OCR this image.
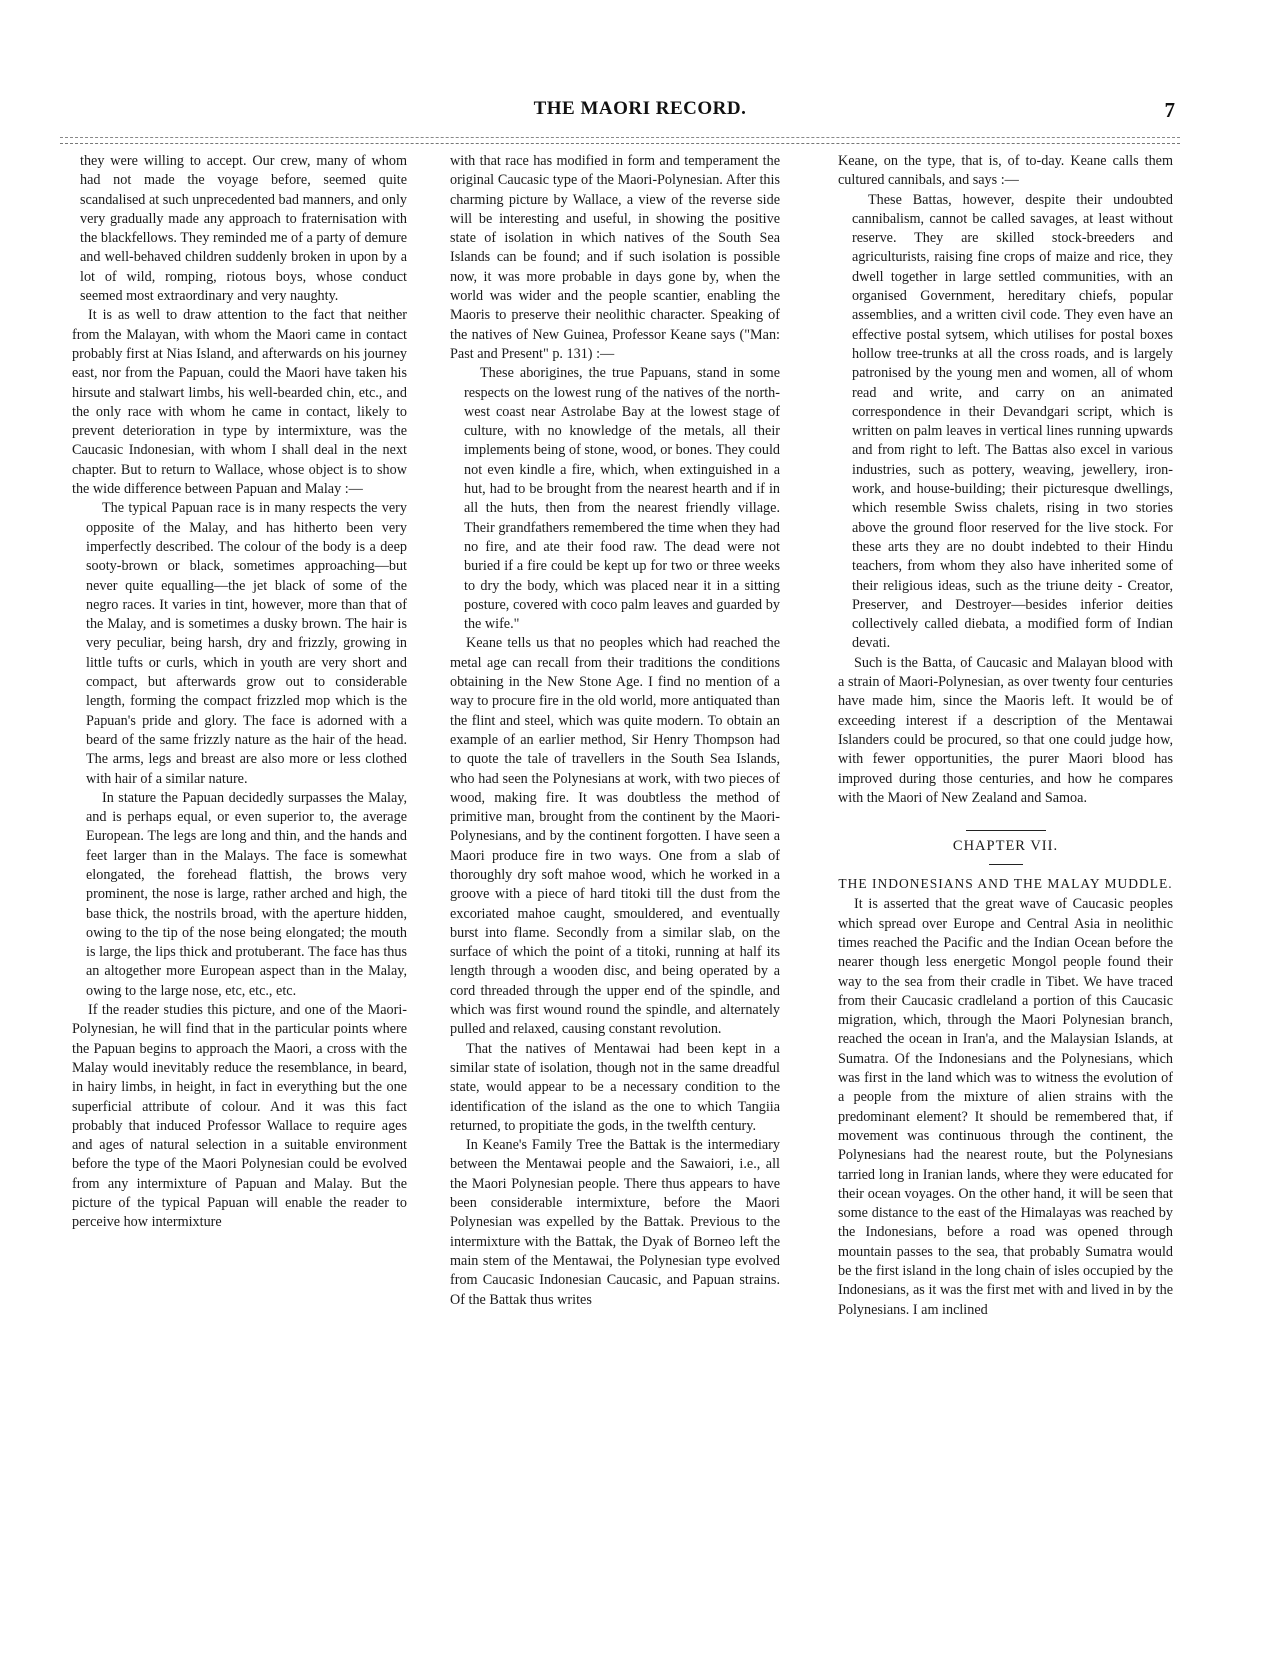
THE MAORI RECORD.	7

they were willing to accept. Our crew, many of whom had not made the voyage before, seemed quite scandalised at such unprecedented bad manners, and only very gradually made any approach to fraternisation with the blackfellows. They reminded me of a party of demure and well-behaved children suddenly broken in upon by a lot of wild, romping, riotous boys, whose conduct seemed most extraordinary and very naughty.

It is as well to draw attention to the fact that neither from the Malayan, with whom the Maori came in contact probably first at Nias Island, and afterwards on his journey east, nor from the Papuan, could the Maori have taken his hirsute and stalwart limbs, his well-bearded chin, etc., and the only race with whom he came in contact, likely to prevent deterioration in type by intermixture, was the Caucasic Indonesian, with whom I shall deal in the next chapter. But to return to Wallace, whose object is to show the wide difference between Papuan and Malay :—

The typical Papuan race is in many respects the very opposite of the Malay, and has hitherto been very imperfectly described. The colour of the body is a deep sooty-brown or black, sometimes approaching—but never quite equalling—the jet black of some of the negro races. It varies in tint, however, more than that of the Malay, and is sometimes a dusky brown. The hair is very peculiar, being harsh, dry and frizzly, growing in little tufts or curls, which in youth are very short and compact, but afterwards grow out to considerable length, forming the compact frizzled mop which is the Papuan's pride and glory. The face is adorned with a beard of the same frizzly nature as the hair of the head. The arms, legs and breast are also more or less clothed with hair of a similar nature.

In stature the Papuan decidedly surpasses the Malay, and is perhaps equal, or even superior to, the average European. The legs are long and thin, and the hands and feet larger than in the Malays. The face is somewhat elongated, the forehead flattish, the brows very prominent, the nose is large, rather arched and high, the base thick, the nostrils broad, with the aperture hidden, owing to the tip of the nose being elongated; the mouth is large, the lips thick and protuberant. The face has thus an altogether more European aspect than in the Malay, owing to the large nose, etc, etc., etc.

If the reader studies this picture, and one of the Maori-Polynesian, he will find that in the particular points where the Papuan begins to approach the Maori, a cross with the Malay would inevitably reduce the resemblance, in beard, in hairy limbs, in height, in fact in everything but the one superficial attribute of colour. And it was this fact probably that induced Professor Wallace to require ages and ages of natural selection in a suitable environment before the type of the Maori Polynesian could be evolved from any intermixture of Papuan and Malay. But the picture of the typical Papuan will enable the reader to perceive how intermixture

with that race has modified in form and temperament the original Caucasic type of the Maori-Polynesian. After this charming picture by Wallace, a view of the reverse side will be interesting and useful, in showing the positive state of isolation in which natives of the South Sea Islands can be found; and if such isolation is possible now, it was more probable in days gone by, when the world was wider and the people scantier, enabling the Maoris to preserve their neolithic character. Speaking of the natives of New Guinea, Professor Keane says ("Man: Past and Present" p. 131) :—

These aborigines, the true Papuans, stand in some respects on the lowest rung of the natives of the north-west coast near Astrolabe Bay at the lowest stage of culture, with no knowledge of the metals, all their implements being of stone, wood, or bones. They could not even kindle a fire, which, when extinguished in a hut, had to be brought from the nearest hearth and if in all the huts, then from the nearest friendly village. Their grandfathers remembered the time when they had no fire, and ate their food raw. The dead were not buried if a fire could be kept up for two or three weeks to dry the body, which was placed near it in a sitting posture, covered with coco palm leaves and guarded by the wife."

Keane tells us that no peoples which had reached the metal age can recall from their traditions the conditions obtaining in the New Stone Age. I find no mention of a way to procure fire in the old world, more antiquated than the flint and steel, which was quite modern. To obtain an example of an earlier method, Sir Henry Thompson had to quote the tale of travellers in the South Sea Islands, who had seen the Polynesians at work, with two pieces of wood, making fire. It was doubtless the method of primitive man, brought from the continent by the Maori-Polynesians, and by the continent forgotten. I have seen a Maori produce fire in two ways. One from a slab of thoroughly dry soft mahoe wood, which he worked in a groove with a piece of hard titoki till the dust from the excoriated mahoe caught, smouldered, and eventually burst into flame. Secondly from a similar slab, on the surface of which the point of a titoki, running at half its length through a wooden disc, and being operated by a cord threaded through the upper end of the spindle, and which was first wound round the spindle, and alternately pulled and relaxed, causing constant revolution.

That the natives of Mentawai had been kept in a similar state of isolation, though not in the same dreadful state, would appear to be a necessary condition to the identification of the island as the one to which Tangiia returned, to propitiate the gods, in the twelfth century.

In Keane's Family Tree the Battak is the intermediary between the Mentawai people and the Sawaiori, i.e., all the Maori Polynesian people. There thus appears to have been considerable intermixture, before the Maori Polynesian was expelled by the Battak. Previous to the intermixture with the Battak, the Dyak of Borneo left the main stem of the Mentawai, the Polynesian type evolved from Caucasic Indonesian Caucasic, and Papuan strains. Of the Battak thus writes

Keane, on the type, that is, of to-day. Keane calls them cultured cannibals, and says :—

These Battas, however, despite their undoubted cannibalism, cannot be called savages, at least without reserve. They are skilled stock-breeders and agriculturists, raising fine crops of maize and rice, they dwell together in large settled communities, with an organised Government, hereditary chiefs, popular assemblies, and a written civil code. They even have an effective postal sytsem, which utilises for postal boxes hollow tree-trunks at all the cross roads, and is largely patronised by the young men and women, all of whom read and write, and carry on an animated correspondence in their Devandgari script, which is written on palm leaves in vertical lines running upwards and from right to left. The Battas also excel in various industries, such as pottery, weaving, jewellery, iron-work, and house-building; their picturesque dwellings, which resemble Swiss chalets, rising in two stories above the ground floor reserved for the live stock. For these arts they are no doubt indebted to their Hindu teachers, from whom they also have inherited some of their religious ideas, such as the triune deity - Creator, Preserver, and Destroyer—besides inferior deities collectively called diebata, a modified form of Indian devati.

Such is the Batta, of Caucasic and Malayan blood with a strain of Maori-Polynesian, as over twenty four centuries have made him, since the Maoris left. It would be of exceeding interest if a description of the Mentawai Islanders could be procured, so that one could judge how, with fewer opportunities, the purer Maori blood has improved during those centuries, and how he compares with the Maori of New Zealand and Samoa.

CHAPTER VII.
THE INDONESIANS AND THE MALAY MUDDLE.

It is asserted that the great wave of Caucasic peoples which spread over Europe and Central Asia in neolithic times reached the Pacific and the Indian Ocean before the nearer though less energetic Mongol people found their way to the sea from their cradle in Tibet. We have traced from their Caucasic cradleland a portion of this Caucasic migration, which, through the Maori Polynesian branch, reached the ocean in Iran'a, and the Malaysian Islands, at Sumatra. Of the Indonesians and the Polynesians, which was first in the land which was to witness the evolution of a people from the mixture of alien strains with the predominant element? It should be remembered that, if movement was continuous through the continent, the Polynesians had the nearest route, but the Polynesians tarried long in Iranian lands, where they were educated for their ocean voyages. On the other hand, it will be seen that some distance to the east of the Himalayas was reached by the Indonesians, before a road was opened through mountain passes to the sea, that probably Sumatra would be the first island in the long chain of isles occupied by the Indonesians, as it was the first met with and lived in by the Polynesians. I am inclined
